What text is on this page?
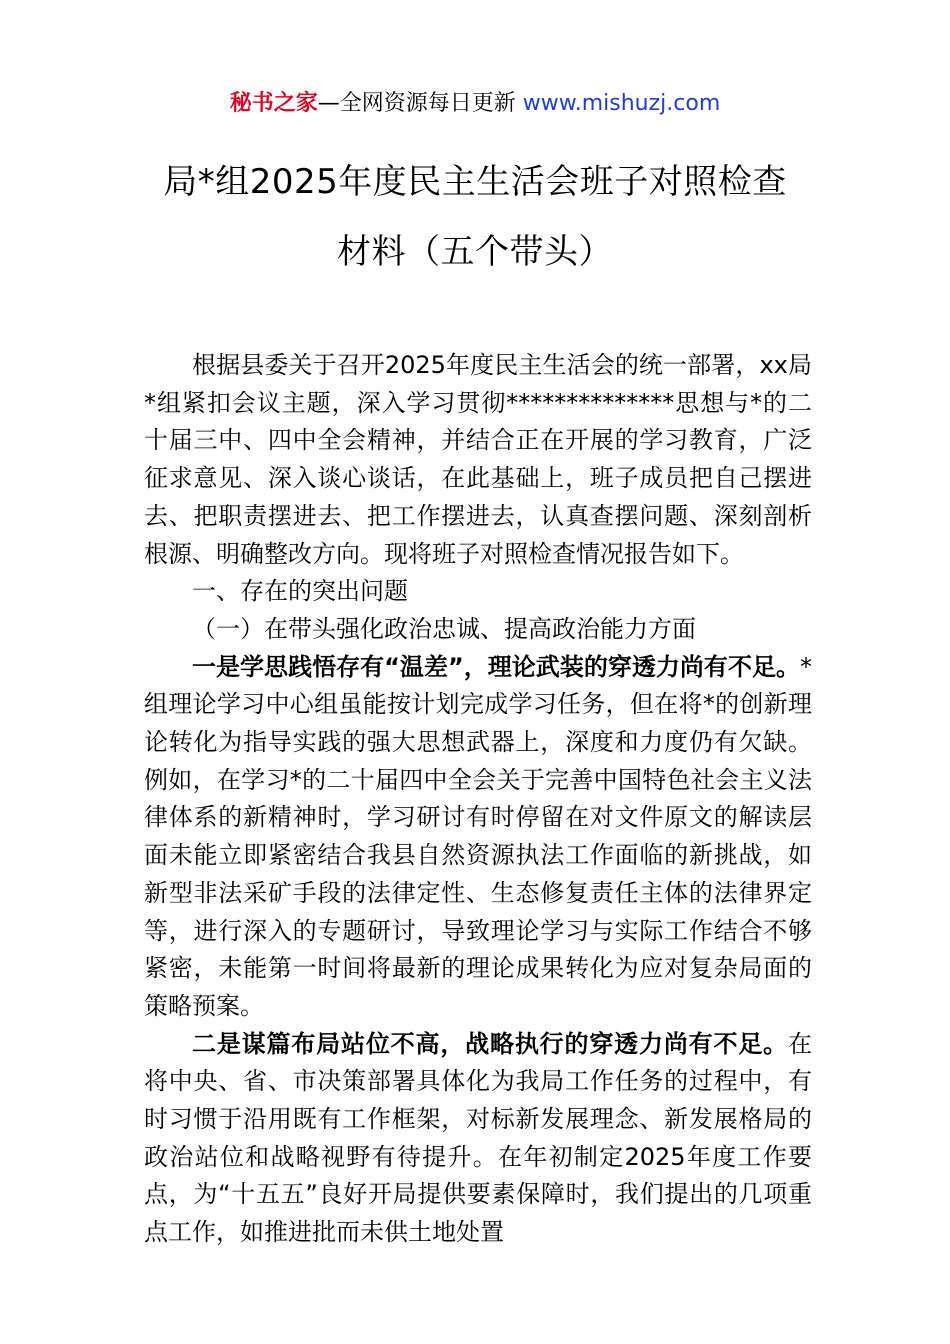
秘书之家—全网资源每日更新 www.mishuzj.com
局*组2025年度民主生活会班子对照检查
材料（五个带头）

根据县委关于召开2025年度民主生活会的统一部署，xx局*组紧扣会议主题，深入学习贯彻**************思想与*的二十届三中、四中全会精神，并结合正在开展的学习教育，广泛征求意见、深入谈心谈话，在此基础上，班子成员把自己摆进去、把职责摆进去、把工作摆进去，认真查摆问题、深刻剖析根源、明确整改方向。现将班子对照检查情况报告如下。

一、存在的突出问题

（一）在带头强化政治忠诚、提高政治能力方面

一是学思践悟存有“温差”，理论武装的穿透力尚有不足。*组理论学习中心组虽能按计划完成学习任务，但在将*的创新理论转化为指导实践的强大思想武器上，深度和力度仍有欠缺。例如，在学习*的二十届四中全会关于完善中国特色社会主义法律体系的新精神时，学习研讨有时停留在对文件原文的解读层面未能立即紧密结合我县自然资源执法工作面临的新挑战，如新型非法采矿手段的法律定性、生态修复责任主体的法律界定等，进行深入的专题研讨，导致理论学习与实际工作结合不够紧密，未能第一时间将最新的理论成果转化为应对复杂局面的策略预案。

二是谋篇布局站位不高，战略执行的穿透力尚有不足。在将中央、省、市决策部署具体化为我局工作任务的过程中，有时习惯于沿用既有工作框架，对标新发展理念、新发展格局的政治站位和战略视野有待提升。在年初制定2025年度工作要点，为“十五五”良好开局提供要素保障时，我们提出的几项重点工作，如推进批而未供土地处置
